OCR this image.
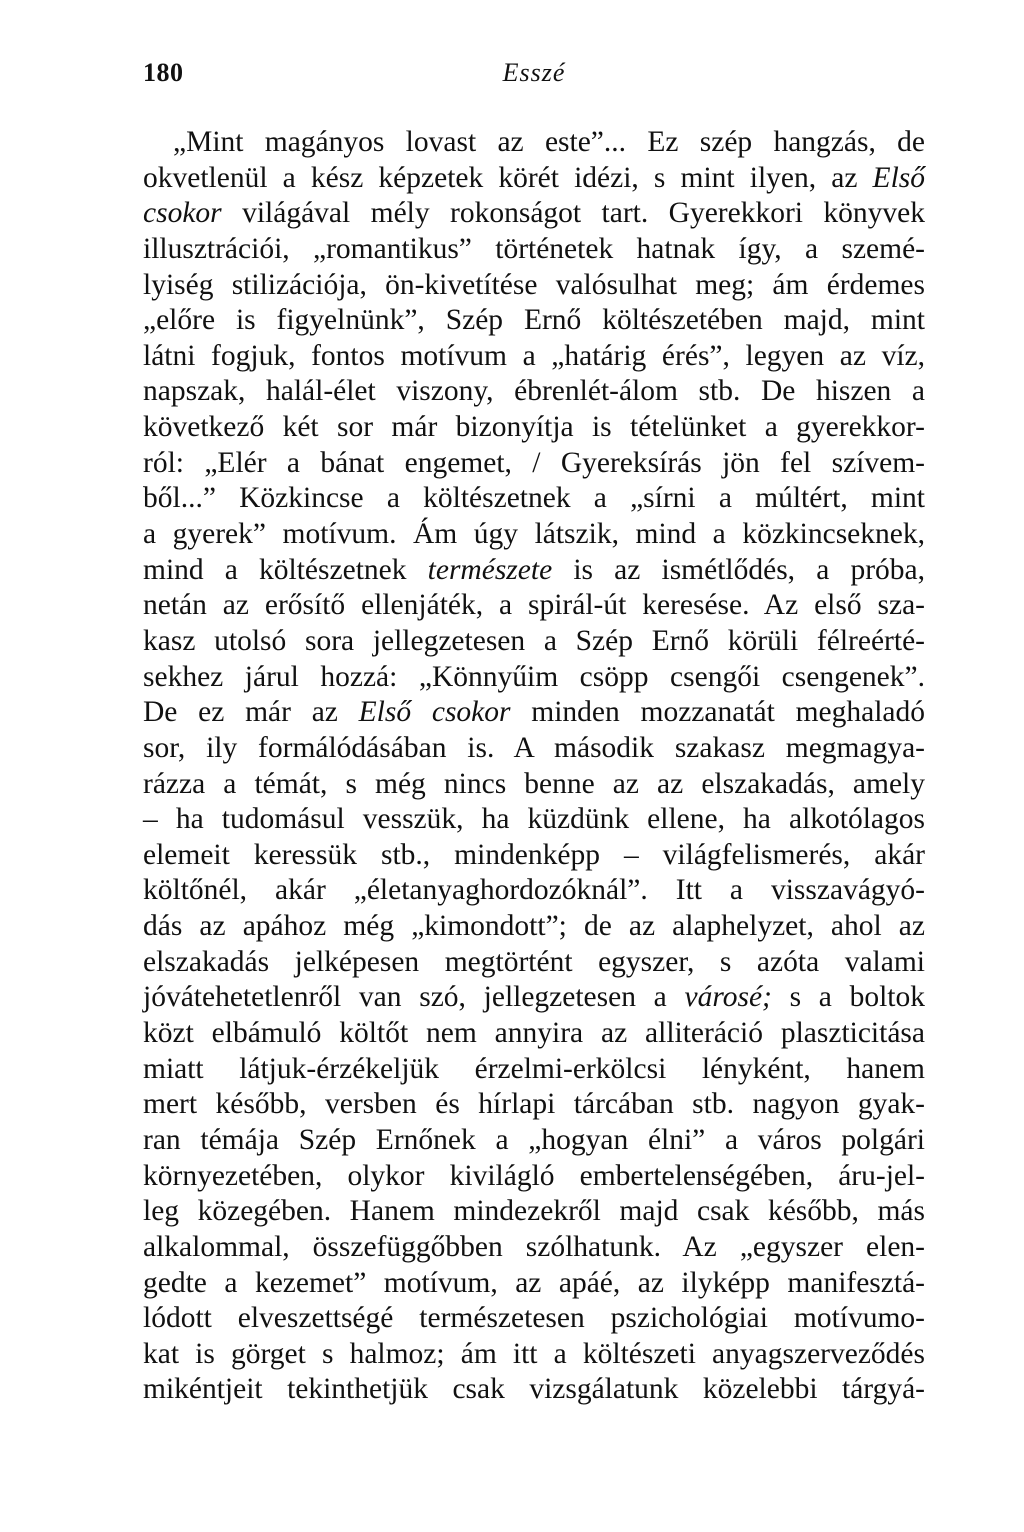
180	Esszé
„Mint magányos lovast az este”... Ez szép hangzás, de
okvetlenül a kész képzetek körét idézi, s mint ilyen, az Első
csokor világával mély rokonságot tart. Gyerekkori könyvek
illusztrációi, „romantikus” történetek hatnak így, a szemé-
lyiség stilizációja, ön-kivetítése valósulhat meg; ám érdemes
„előre is figyelnünk”, Szép Ernő költészetében majd, mint
látni fogjuk, fontos motívum a „határig érés”, legyen az víz,
napszak, halál-élet viszony, ébrenlét-álom stb. De hiszen a
következő két sor már bizonyítja is tételünket a gyerekkor-
ról: „Elér a bánat engemet, / Gyereksírás jön fel szívem-
ből...” Közkincse a költészetnek a „sírni a múltért, mint
a gyerek” motívum. Ám úgy látszik, mind a közkincseknek,
mind a költészetnek természete is az ismétlődés, a próba,
netán az erősítő ellenjáték, a spirál-út keresése. Az első sza-
kasz utolsó sora jellegzetesen a Szép Ernő körüli félreérté-
sekhez járul hozzá: „Könnyűim csöpp csengői csengenek”.
De ez már az Első csokor minden mozzanatát meghaladó
sor, ily formálódásában is. A második szakasz megmagya-
rázza a témát, s még nincs benne az az elszakadás, amely
– ha tudomásul vesszük, ha küzdünk ellene, ha alkotólagos
elemeit keressük stb., mindenképp – világfelismerés, akár
költőnél, akár „életanyaghordozóknál”. Itt a visszavágyó-
dás az apához még „kimondott”; de az alaphelyzet, ahol az
elszakadás jelképesen megtörtént egyszer, s azóta valami
jóvátehetetlenről van szó, jellegzetesen a városé; s a boltok
közt elbámuló költőt nem annyira az alliteráció plaszticitása
miatt látjuk-érzékeljük érzelmi-erkölcsi lényként, hanem
mert később, versben és hírlapi tárcában stb. nagyon gyak-
ran témája Szép Ernőnek a „hogyan élni” a város polgári
környezetében, olykor kivilágló embertelenségében, áru-jel-
leg közegében. Hanem mindezekről majd csak később, más
alkalommal, összefüggőbben szólhatunk. Az „egyszer elen-
gedte a kezemet” motívum, az apáé, az ilyképp manifesztá-
lódott elveszettségé természetesen pszichológiai motívumo-
kat is görget s halmoz; ám itt a költészeti anyagszerveződés
mikéntjeit tekinthetjük csak vizsgálatunk közelebbi tárgyá-
